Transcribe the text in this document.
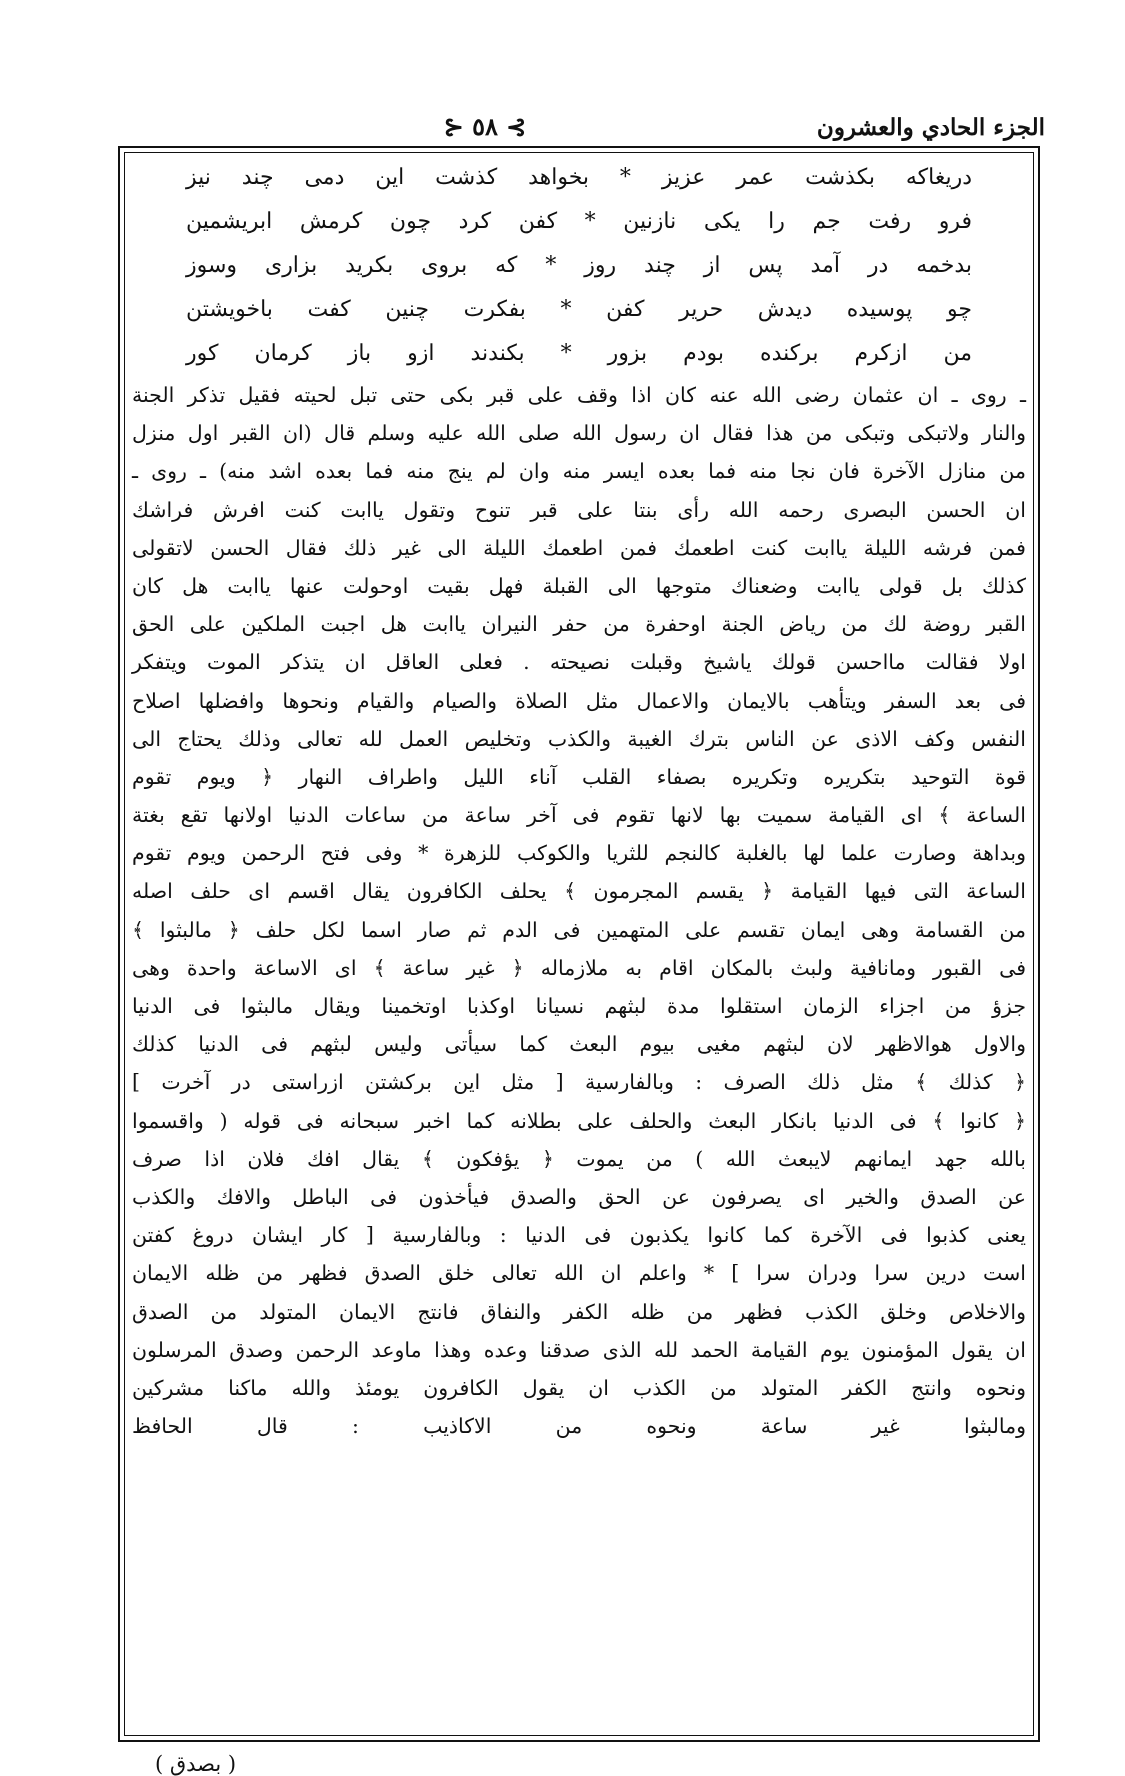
الجزء الحادي والعشرون
⊱ ٥٨ ⊰
دريغاكه بكذشت عمر عزيز * بخواهد كذشت اين دمى چند نيز
فرو رفت جم را يكى نازنين * كفن كرد چون كرمش ابريشمين
بدخمه در آمد پس از چند روز * كه بروى بكريد بزارى وسوز
چو پوسيده ديدش حرير كفن * بفكرت چنين كفت باخويشتن
من ازكرم بركنده بودم بزور * بكندند ازو باز كرمان كور
ـ روى ـ ان عثمان رضى الله عنه كان اذا وقف على قبر بكى حتى تبل لحيته فقيل تذكر الجنة
والنار ولاتبكى وتبكى من هذا فقال ان رسول الله صلى الله عليه وسلم قال (ان القبر اول منزل
من منازل الآخرة فان نجا منه فما بعده ايسر منه وان لم ينج منه فما بعده اشد منه) ـ روى ـ
ان الحسن البصرى رحمه الله رأى بنتا على قبر تنوح وتقول ياابت كنت افرش فراشك
فمن فرشه الليلة ياابت كنت اطعمك فمن اطعمك الليلة الى غير ذلك فقال الحسن لاتقولى
كذلك بل قولى ياابت وضعناك متوجها الى القبلة فهل بقيت اوحولت عنها ياابت هل كان
القبر روضة لك من رياض الجنة اوحفرة من حفر النيران ياابت هل اجبت الملكين على الحق
اولا فقالت مااحسن قولك ياشيخ وقبلت نصيحته . فعلى العاقل ان يتذكر الموت ويتفكر
فى بعد السفر ويتأهب بالايمان والاعمال مثل الصلاة والصيام والقيام ونحوها وافضلها اصلاح
النفس وكف الاذى عن الناس بترك الغيبة والكذب وتخليص العمل لله تعالى وذلك يحتاج الى
قوة التوحيد بتكريره وتكريره بصفاء القلب آناء الليل واطراف النهار ﴿ ويوم تقوم
الساعة ﴾ اى القيامة سميت بها لانها تقوم فى آخر ساعة من ساعات الدنيا اولانها تقع بغتة
وبداهة وصارت علما لها بالغلبة كالنجم للثريا والكوكب للزهرة * وفى فتح الرحمن ويوم تقوم
الساعة التى فيها القيامة ﴿ يقسم المجرمون ﴾ يحلف الكافرون يقال اقسم اى حلف اصله
من القسامة وهى ايمان تقسم على المتهمين فى الدم ثم صار اسما لكل حلف ﴿ مالبثوا ﴾
فى القبور ومانافية ولبث بالمكان اقام به ملازماله ﴿ غير ساعة ﴾ اى الاساعة واحدة وهى
جزؤ من اجزاء الزمان استقلوا مدة لبثهم نسيانا اوكذبا اوتخمينا ويقال مالبثوا فى الدنيا
والاول هوالاظهر لان لبثهم مغيى بيوم البعث كما سيأتى وليس لبثهم فى الدنيا كذلك
﴿ كذلك ﴾ مثل ذلك الصرف : وبالفارسية [ مثل اين بركشتن ازراستى در آخرت ]
﴿ كانوا ﴾ فى الدنيا بانكار البعث والحلف على بطلانه كما اخبر سبحانه فى قوله ( واقسموا
بالله جهد ايمانهم لايبعث الله ) من يموت ﴿ يؤفكون ﴾ يقال افك فلان اذا صرف
عن الصدق والخير اى يصرفون عن الحق والصدق فيأخذون فى الباطل والافك والكذب
يعنى كذبوا فى الآخرة كما كانوا يكذبون فى الدنيا : وبالفارسية [ كار ايشان دروغ كفتن
است درين سرا ودران سرا ] * واعلم ان الله تعالى خلق الصدق فظهر من ظله الايمان
والاخلاص وخلق الكذب فظهر من ظله الكفر والنفاق فانتج الايمان المتولد من الصدق
ان يقول المؤمنون يوم القيامة الحمد لله الذى صدقنا وعده وهذا ماوعد الرحمن وصدق المرسلون
ونحوه وانتج الكفر المتولد من الكذب ان يقول الكافرون يومئذ والله ماكنا مشركين
ومالبثوا غير ساعة ونحوه من الاكاذيب : قال الحافظ
( بصدق )
